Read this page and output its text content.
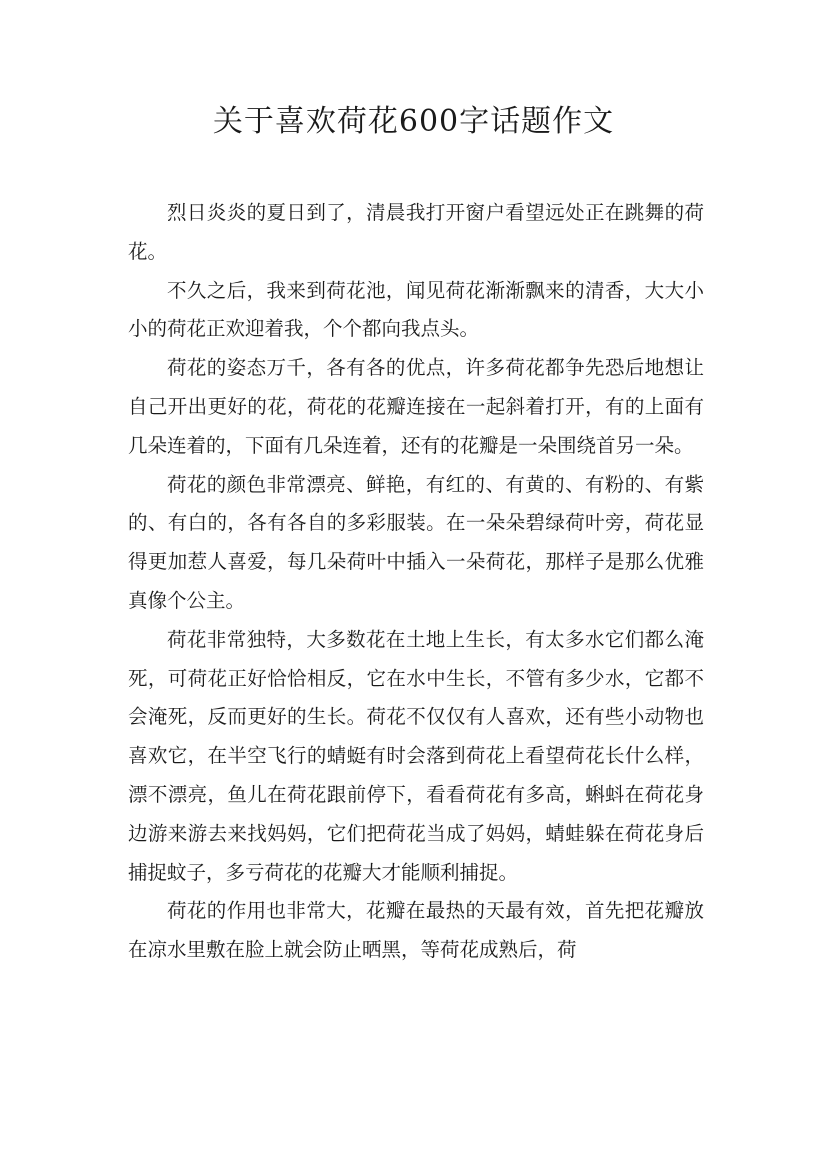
关于喜欢荷花600字话题作文

烈日炎炎的夏日到了，清晨我打开窗户看望远处正在跳舞的荷花。

不久之后，我来到荷花池，闻见荷花渐渐飘来的清香，大大小小的荷花正欢迎着我，个个都向我点头。

荷花的姿态万千，各有各的优点，许多荷花都争先恐后地想让自己开出更好的花，荷花的花瓣连接在一起斜着打开，有的上面有几朵连着的，下面有几朵连着，还有的花瓣是一朵围绕首另一朵。

荷花的颜色非常漂亮、鲜艳，有红的、有黄的、有粉的、有紫的、有白的，各有各自的多彩服装。在一朵朵碧绿荷叶旁，荷花显得更加惹人喜爱，每几朵荷叶中插入一朵荷花，那样子是那么优雅真像个公主。

荷花非常独特，大多数花在土地上生长，有太多水它们都么淹死，可荷花正好恰恰相反，它在水中生长，不管有多少水，它都不会淹死，反而更好的生长。荷花不仅仅有人喜欢，还有些小动物也喜欢它，在半空飞行的蜻蜓有时会落到荷花上看望荷花长什么样，漂不漂亮，鱼儿在荷花跟前停下，看看荷花有多高，蝌蚪在荷花身边游来游去来找妈妈，它们把荷花当成了妈妈，蜻蛙躲在荷花身后捕捉蚊子，多亏荷花的花瓣大才能顺利捕捉。

荷花的作用也非常大，花瓣在最热的天最有效，首先把花瓣放在凉水里敷在脸上就会防止晒黑，等荷花成熟后，荷
